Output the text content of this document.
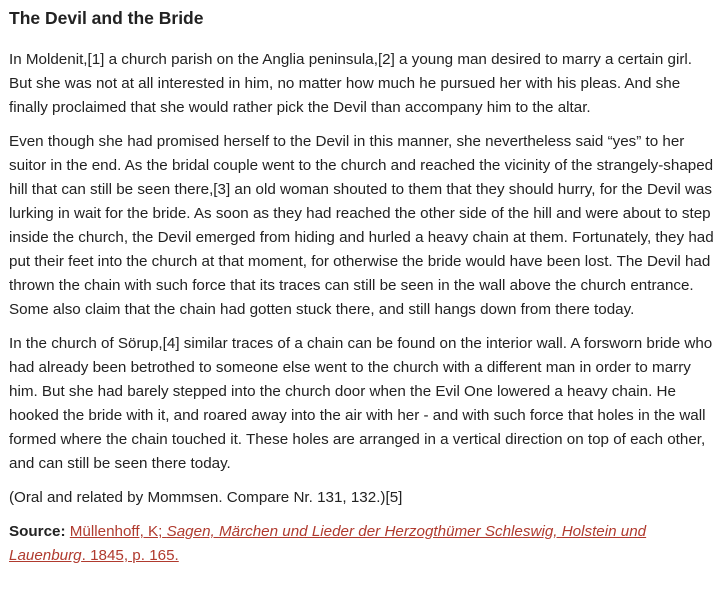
The Devil and the Bride

In Moldenit,[1] a church parish on the Anglia peninsula,[2] a young man desired to marry a certain girl. But she was not at all interested in him, no matter how much he pursued her with his pleas. And she finally proclaimed that she would rather pick the Devil than accompany him to the altar.

Even though she had promised herself to the Devil in this manner, she nevertheless said “yes” to her suitor in the end. As the bridal couple went to the church and reached the vicinity of the strangely-shaped hill that can still be seen there,[3] an old woman shouted to them that they should hurry, for the Devil was lurking in wait for the bride. As soon as they had reached the other side of the hill and were about to step inside the church, the Devil emerged from hiding and hurled a heavy chain at them. Fortunately, they had put their feet into the church at that moment, for otherwise the bride would have been lost. The Devil had thrown the chain with such force that its traces can still be seen in the wall above the church entrance. Some also claim that the chain had gotten stuck there, and still hangs down from there today.

In the church of Sörup,[4] similar traces of a chain can be found on the interior wall. A forsworn bride who had already been betrothed to someone else went to the church with a different man in order to marry him. But she had barely stepped into the church door when the Evil One lowered a heavy chain. He hooked the bride with it, and roared away into the air with her - and with such force that holes in the wall formed where the chain touched it. These holes are arranged in a vertical direction on top of each other, and can still be seen there today.

(Oral and related by Mommsen. Compare Nr. 131, 132.)[5]

Source: Müllenhoff, K; Sagen, Märchen und Lieder der Herzogthümer Schleswig, Holstein und Lauenburg. 1845, p. 165.
